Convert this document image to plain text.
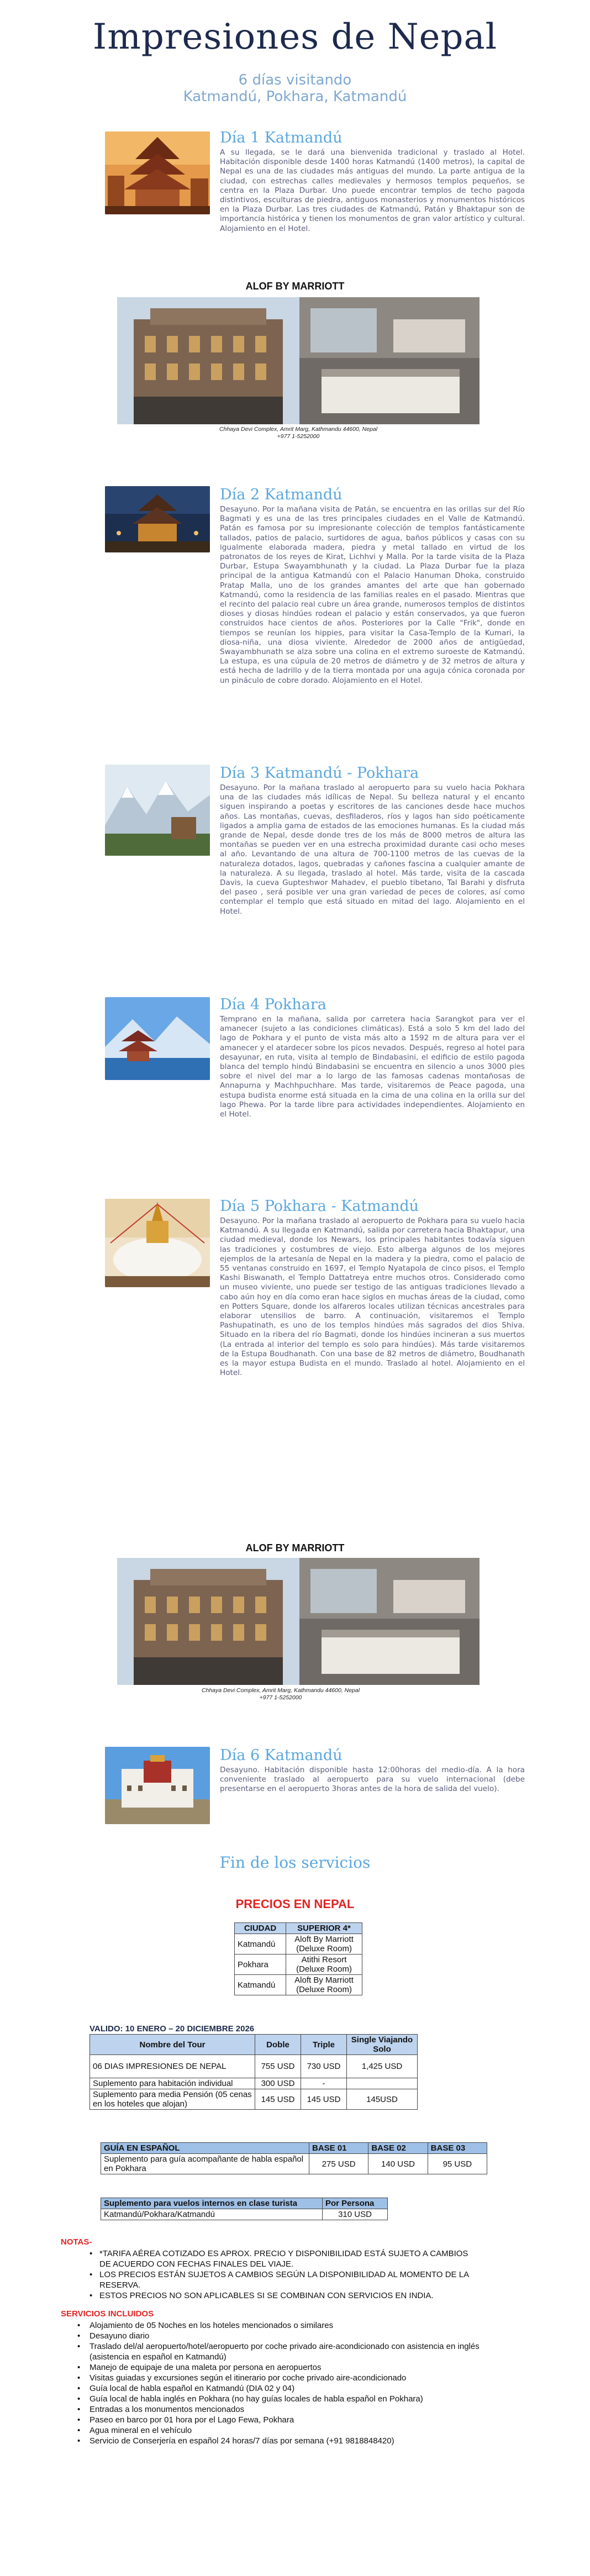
Impresiones de Nepal
6 días visitando
Katmandú, Pokhara, Katmandú
Día 1 Katmandú
A su llegada, se le dará una bienvenida tradicional y traslado al Hotel. Habitación disponible desde 1400 horas Katmandú (1400 metros), la capital de Nepal es una de las ciudades más antiguas del mundo. La parte antigua de la ciudad, con estrechas calles medievales y hermosos templos pequeños, se centra en la Plaza Durbar. Uno puede encontrar templos de techo pagoda distintivos, esculturas de piedra, antiguos monasterios y monumentos históricos en la Plaza Durbar. Las tres ciudades de Katmandú, Patán y Bhaktapur son de importancia histórica y tienen los monumentos de gran valor artístico y cultural. Alojamiento en el Hotel.
ALOF BY MARRIOTT
Chhaya Devi Complex, Amrit Marg, Kathmandu 44600, Nepal
+977 1-5252000
Día 2 Katmandú
Desayuno. Por la mañana visita de Patán, se encuentra en las orillas sur del Río Bagmati y es una de las tres principales ciudades en el Valle de Katmandú. Patán es famosa por su impresionante colección de templos fantásticamente tallados, patios de palacio, surtidores de agua, baños públicos y casas con su igualmente elaborada madera, piedra y metal tallado en virtud de los patronatos de los reyes de Kirat, Lichhvi y Malla. Por la tarde visita de la Plaza Durbar, Estupa Swayambhunath y la ciudad. La Plaza Durbar fue la plaza principal de la antigua Katmandú con el Palacio Hanuman Dhoka, construido Pratap Malla, uno de los grandes amantes del arte que han gobernado Katmandú, como la residencia de las familias reales en el pasado. Mientras que el recinto del palacio real cubre un área grande, numerosos templos de distintos dioses y diosas hindúes rodean el palacio y están conservados, ya que fueron construidos hace cientos de años. Posteriores por la Calle "Frik", donde en tiempos se reunían los hippies, para visitar la Casa-Templo de la Kumari, la diosa-niña, una diosa viviente. Alrededor de 2000 años de antigüedad, Swayambhunath se alza sobre una colina en el extremo suroeste de Katmandú. La estupa, es una cúpula de 20 metros de diámetro y de 32 metros de altura y está hecha de ladrillo y de la tierra montada por una aguja cónica coronada por un pináculo de cobre dorado. Alojamiento en el Hotel.
Día 3 Katmandú - Pokhara
Desayuno. Por la mañana traslado al aeropuerto para su vuelo hacia Pokhara una de las ciudades más idílicas de Nepal. Su belleza natural y el encanto siguen inspirando a poetas y escritores de las canciones desde hace muchos años. Las montañas, cuevas, desfiladeros, ríos y lagos han sido poéticamente ligados a amplia gama de estados de las emociones humanas. Es la ciudad más grande de Nepal, desde donde tres de los más de 8000 metros de altura las montañas se pueden ver en una estrecha proximidad durante casi ocho meses al año. Levantando de una altura de 700-1100 metros de las cuevas de la naturaleza dotados, lagos, quebradas y cañones fascina a cualquier amante de la naturaleza. A su llegada, traslado al hotel. Más tarde, visita de la cascada Davis, la cueva Gupteshwor Mahadev, el pueblo tibetano, Tal Barahi y disfruta del paseo , será posible ver una gran variedad de peces de colores, así como contemplar el templo que está situado en mitad del lago. Alojamiento en el Hotel.
Día 4 Pokhara
Temprano en la mañana, salida por carretera hacia Sarangkot para ver el amanecer (sujeto a las condiciones climáticas). Está a solo 5 km del lado del lago de Pokhara y el punto de vista más alto a 1592 m de altura para ver el amanecer y el atardecer sobre los picos nevados. Después, regreso al hotel para desayunar, en ruta, visita al templo de Bindabasini, el edificio de estilo pagoda blanca del templo hindú Bindabasini se encuentra en silencio a unos 3000 pies sobre el nivel del mar a lo largo de las famosas cadenas montañosas de Annapurna y Machhpuchhare. Mas tarde, visitaremos de Peace pagoda, una estupa budista enorme está situada en la cima de una colina en la orilla sur del lago Phewa. Por la tarde libre para actividades independientes. Alojamiento en el Hotel.
Día 5 Pokhara - Katmandú
Desayuno. Por la mañana traslado al aeropuerto de Pokhara para su vuelo hacia Katmandú. A su llegada en Katmandú, salida por carretera hacia Bhaktapur, una ciudad medieval, donde los Newars, los principales habitantes todavía siguen las tradiciones y costumbres de viejo. Esto alberga algunos de los mejores ejemplos de la artesanía de Nepal en la madera y la piedra, como el palacio de 55 ventanas construido en 1697, el Templo Nyatapola de cinco pisos, el Templo Kashi Biswanath, el Templo Dattatreya entre muchos otros. Considerado como un museo viviente, uno puede ser testigo de las antiguas tradiciones llevado a cabo aún hoy en día como eran hace siglos en muchas áreas de la ciudad, como en Potters Square, donde los alfareros locales utilizan técnicas ancestrales para elaborar utensilios de barro. A continuación, visitaremos el Templo Pashupatinath, es uno de los templos hindúes más sagrados del dios Shiva. Situado en la ribera del río Bagmati, donde los hindúes incineran a sus muertos (La entrada al interior del templo es solo para hindúes). Más tarde visitaremos de la Estupa Boudhanath. Con una base de 82 metros de diámetro, Boudhanath es la mayor estupa Budista en el mundo. Traslado al hotel. Alojamiento en el Hotel.
ALOF BY MARRIOTT
Chhaya Devi Complex, Amrit Marg, Kathmandu 44600, Nepal
+977 1-5252000
Día 6 Katmandú
Desayuno. Habitación disponible hasta 12:00horas del medio-día. A la hora conveniente traslado al aeropuerto para su vuelo internacional (debe presentarse en el aeropuerto 3horas antes de la hora de salida del vuelo).
Fin de los servicios
PRECIOS EN NEPAL
CIUDAD	SUPERIOR 4*
Katmandú	Aloft By Marriott
(Deluxe Room)

Pokhara	Atithi Resort
(Deluxe Room)

Katmandú	Aloft By Marriott
(Deluxe Room)
VALIDO: 10 ENERO – 20 DICIEMBRE 2026
Nombre del Tour	Doble	Triple	Single Viajando Solo
06 DIAS IMPRESIONES DE NEPAL	755 USD	730 USD	1,425 USD
Suplemento para habitación individual	300 USD	-	
Suplemento para media Pensión (05 cenas en los hoteles que alojan)	145 USD	145 USD	145USD
GUÍA EN ESPAÑOL	BASE 01	BASE 02	BASE 03
Suplemento para guía acompañante de habla español en Pokhara	275 USD	140 USD	95 USD
Suplemento para vuelos internos en clase turista	Por Persona
Katmandú/Pokhara/Katmandú	310 USD
NOTAS-
• *TARIFA AÉREA COTIZADO ES APROX. PRECIO Y DISPONIBILIDAD ESTÁ SUJETO A CAMBIOS DE ACUERDO CON FECHAS FINALES DEL VIAJE.
• LOS PRECIOS ESTÁN SUJETOS A CAMBIOS SEGÚN LA DISPONIBILIDAD AL MOMENTO DE LA RESERVA.
• ESTOS PRECIOS NO SON APLICABLES SI SE COMBINAN CON SERVICIOS EN INDIA.
SERVICIOS INCLUIDOS
• Alojamiento de 05 Noches en los hoteles mencionados o similares
• Desayuno diario
• Traslado del/al aeropuerto/hotel/aeropuerto por coche privado aire-acondicionado con asistencia en inglés (asistencia en español en Katmandú)
• Manejo de equipaje de una maleta por persona en aeropuertos
• Visitas guiadas y excursiones según el itinerario por coche privado aire-acondicionado
• Guía local de habla español en Katmandú (DIA 02 y 04)
• Guía local de habla inglés en Pokhara (no hay guías locales de habla español en Pokhara)
• Entradas a los monumentos mencionados
• Paseo en barco por 01 hora por el Lago Fewa, Pokhara
• Agua mineral en el vehículo
• Servicio de Conserjería en español 24 horas/7 días por semana (+91 9818848420)
